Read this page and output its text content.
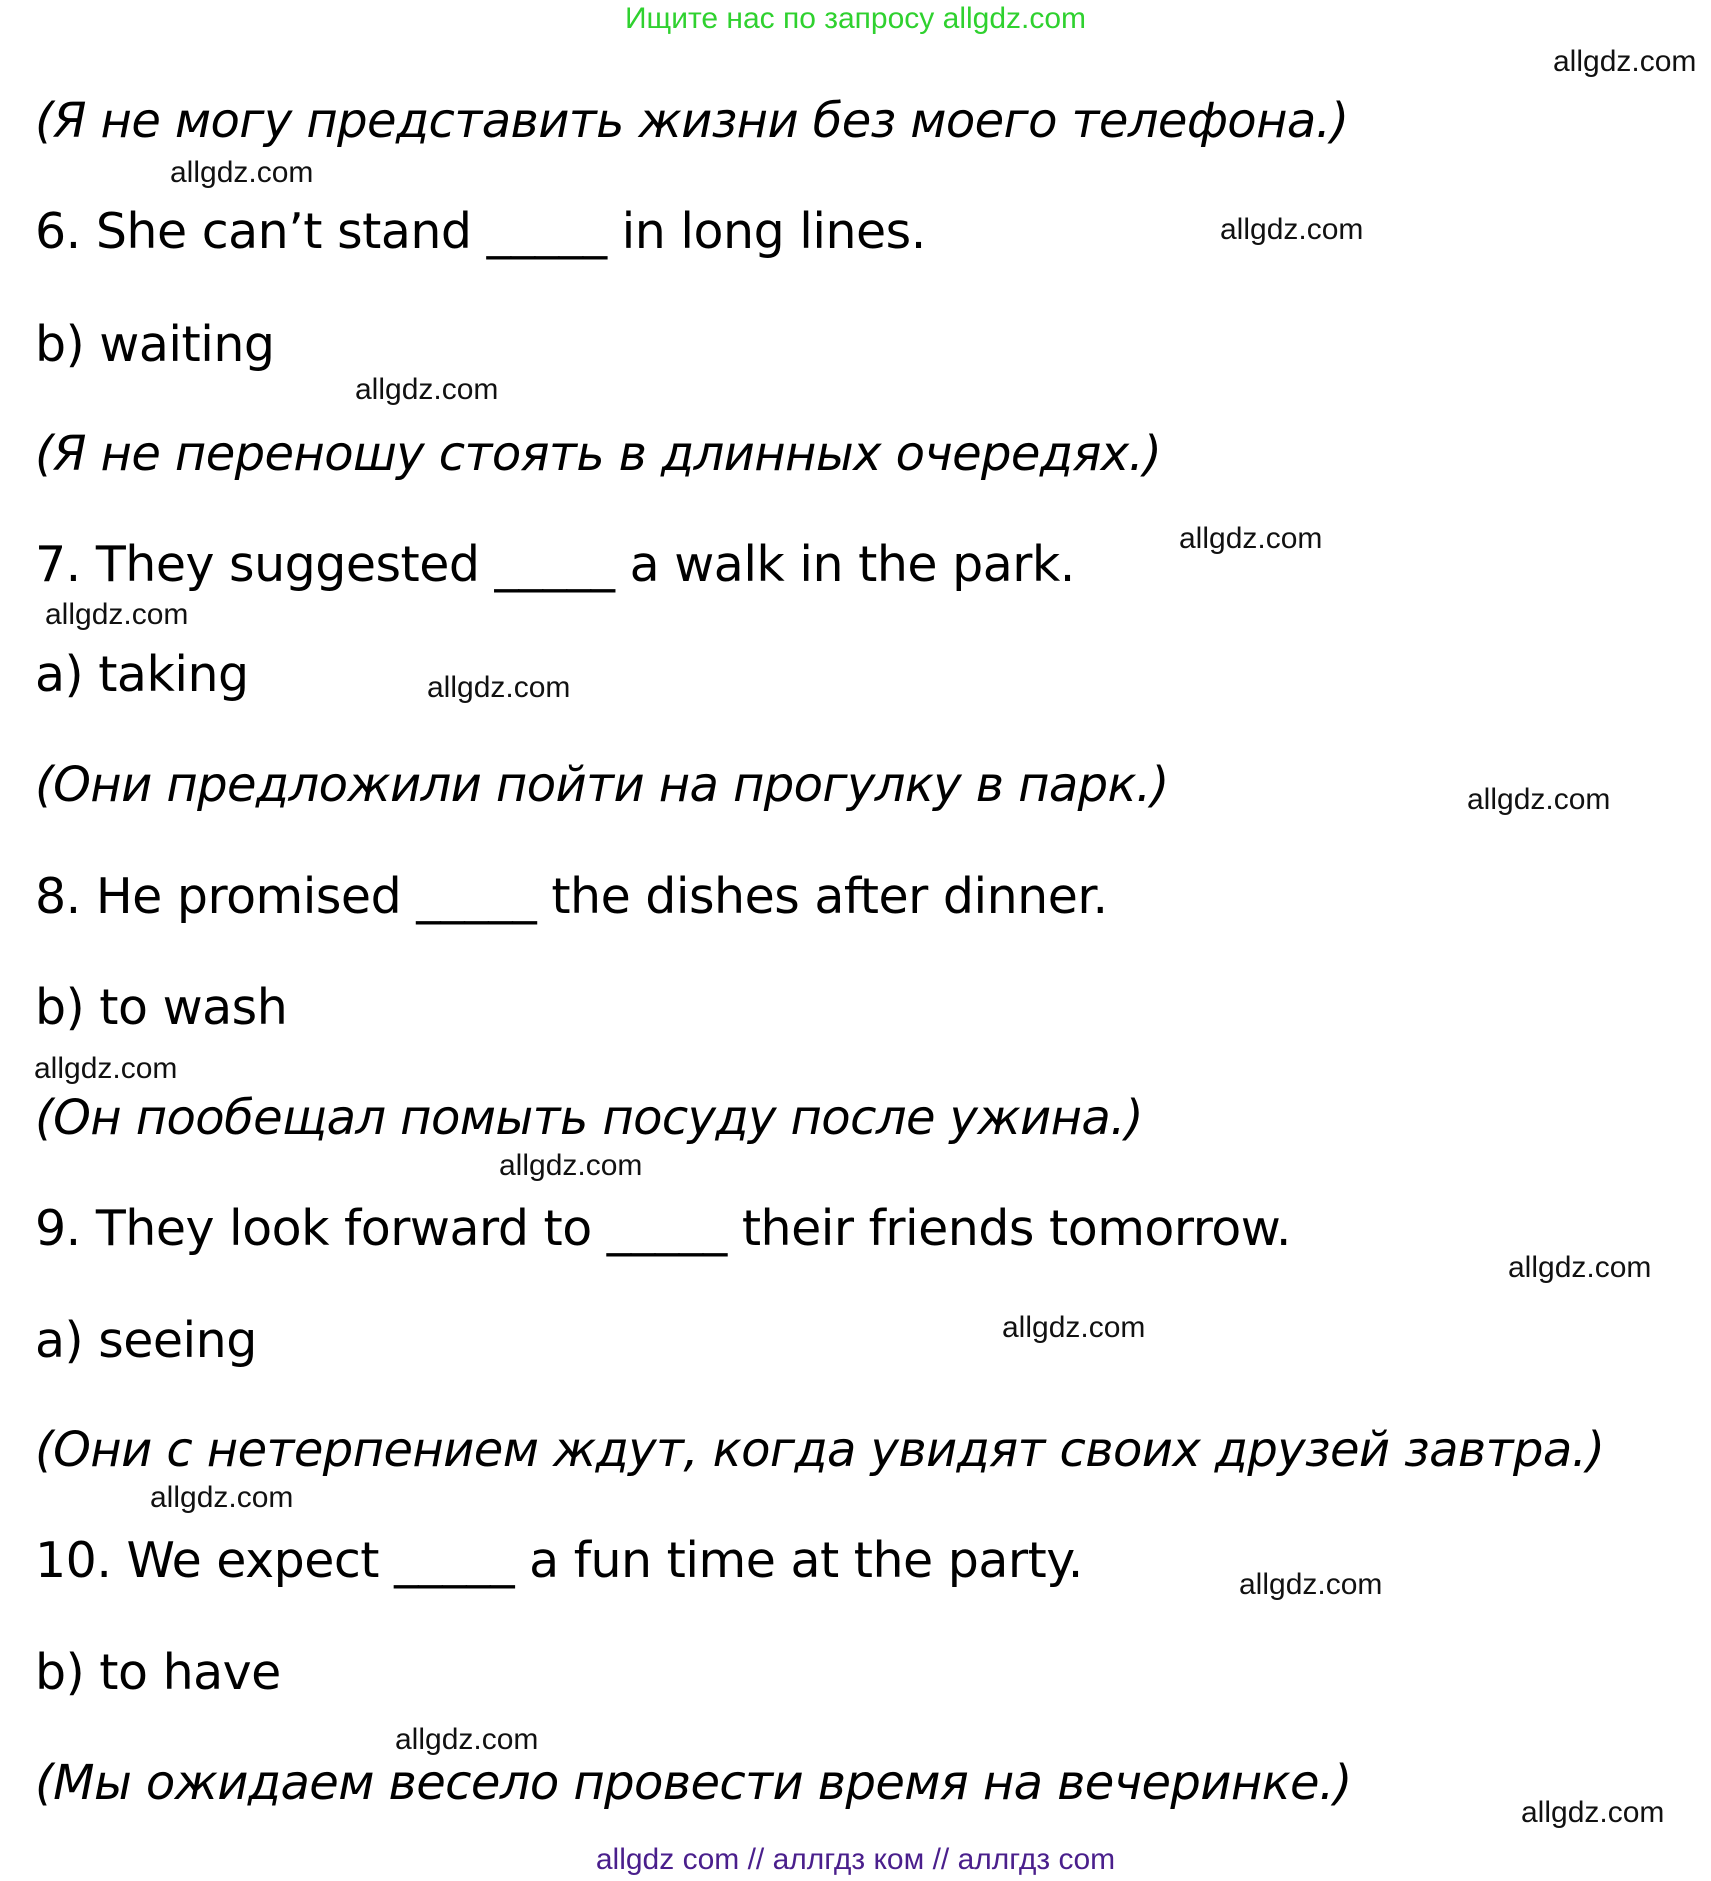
Ищите нас по запросу allgdz.com
allgdz.com
(Я не могу представить жизни без моего телефона.)
allgdz.com
6. She can’t stand _____ in long lines.	allgdz.com
b) waiting
allgdz.com
(Я не переношу стоять в длинных очередях.)
allgdz.com
7. They suggested _____ a walk in the park.
allgdz.com
a) taking	allgdz.com
(Они предложили пойти на прогулку в парк.)	allgdz.com
8. He promised _____ the dishes after dinner.
b) to wash
allgdz.com
(Он пообещал помыть посуду после ужина.)
allgdz.com
9. They look forward to _____ their friends tomorrow.
allgdz.com
a) seeing	allgdz.com
(Они с нетерпением ждут, когда увидят своих друзей завтра.)
allgdz.com
10. We expect _____ a fun time at the party.	allgdz.com
b) to have
allgdz.com
(Мы ожидаем весело провести время на вечеринке.)
allgdz.com
allgdz com // аллгдз ком // аллгдз com
